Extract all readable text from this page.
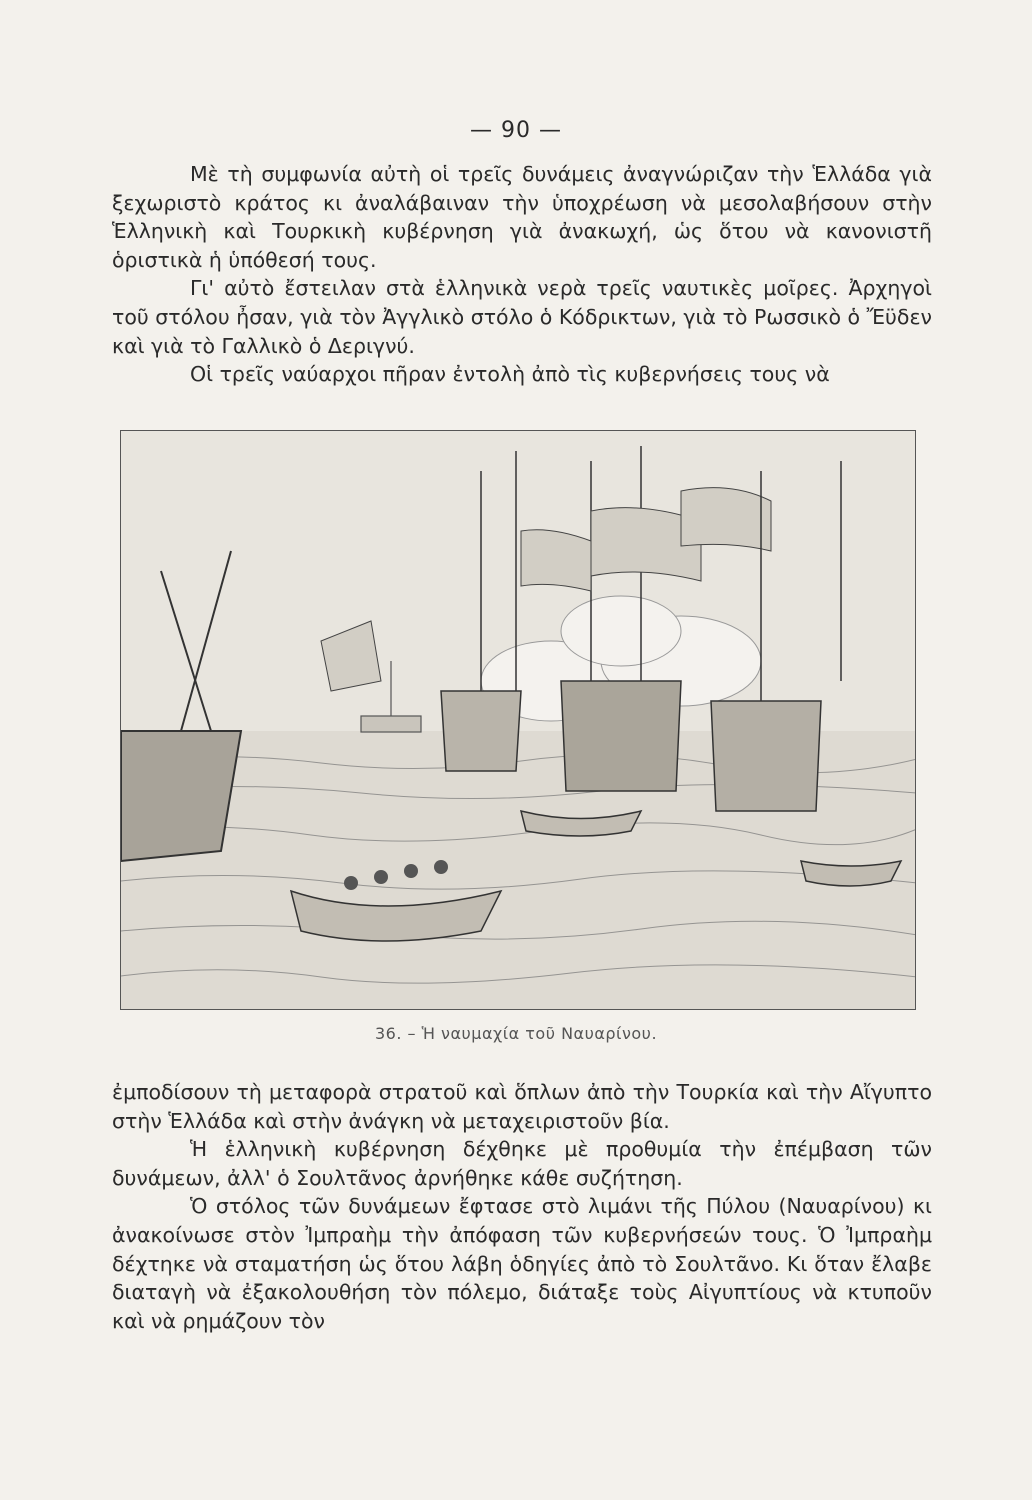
— 90 —

Μὲ τὴ συμφωνία αὐτὴ οἱ τρεῖς δυνάμεις ἀναγνώριζαν τὴν Ἑλλάδα γιὰ ξεχωριστὸ κράτος κι ἀναλάβαιναν τὴν ὑποχρέωση νὰ μεσολαβήσουν στὴν Ἑλληνικὴ καὶ Τουρκικὴ κυβέρνηση γιὰ ἀνακωχή, ὡς ὅτου νὰ κανονιστῆ ὁριστικὰ ἡ ὑπόθεσή τους.

Γι' αὐτὸ ἔστειλαν στὰ ἑλληνικὰ νερὰ τρεῖς ναυτικὲς μοῖρες. Ἀρχηγοὶ τοῦ στόλου ἦσαν, γιὰ τὸν Ἀγγλικὸ στόλο ὁ Κόδρικτων, γιὰ τὸ Ρωσσικὸ ὁ Ἔϋδεν καὶ γιὰ τὸ Γαλλικὸ ὁ Δεριγνύ.

Οἱ τρεῖς ναύαρχοι πῆραν ἐντολὴ ἀπὸ τὶς κυβερνήσεις τους νὰ

36. – Ἡ ναυμαχία τοῦ Ναυαρίνου.

ἐμποδίσουν τὴ μεταφορὰ στρατοῦ καὶ ὅπλων ἀπὸ τὴν Τουρκία καὶ τὴν Αἴγυπτο στὴν Ἑλλάδα καὶ στὴν ἀνάγκη νὰ μεταχειριστοῦν βία.

Ἡ ἑλληνικὴ κυβέρνηση δέχθηκε μὲ προθυμία τὴν ἐπέμβαση τῶν δυνάμεων, ἀλλ' ὁ Σουλτᾶνος ἀρνήθηκε κάθε συζήτηση.

Ὁ στόλος τῶν δυνάμεων ἔφτασε στὸ λιμάνι τῆς Πύλου (Ναυαρίνου) κι ἀνακοίνωσε στὸν Ἰμπραὴμ τὴν ἀπόφαση τῶν κυβερνήσεών τους. Ὁ Ἰμπραὴμ δέχτηκε νὰ σταματήση ὡς ὅτου λάβη ὁδηγίες ἀπὸ τὸ Σουλτᾶνο. Κι ὅταν ἔλαβε διαταγὴ νὰ ἐξακολουθήση τὸν πόλεμο, διάταξε τοὺς Αἰγυπτίους νὰ κτυποῦν καὶ νὰ ρημάζουν τὸν
